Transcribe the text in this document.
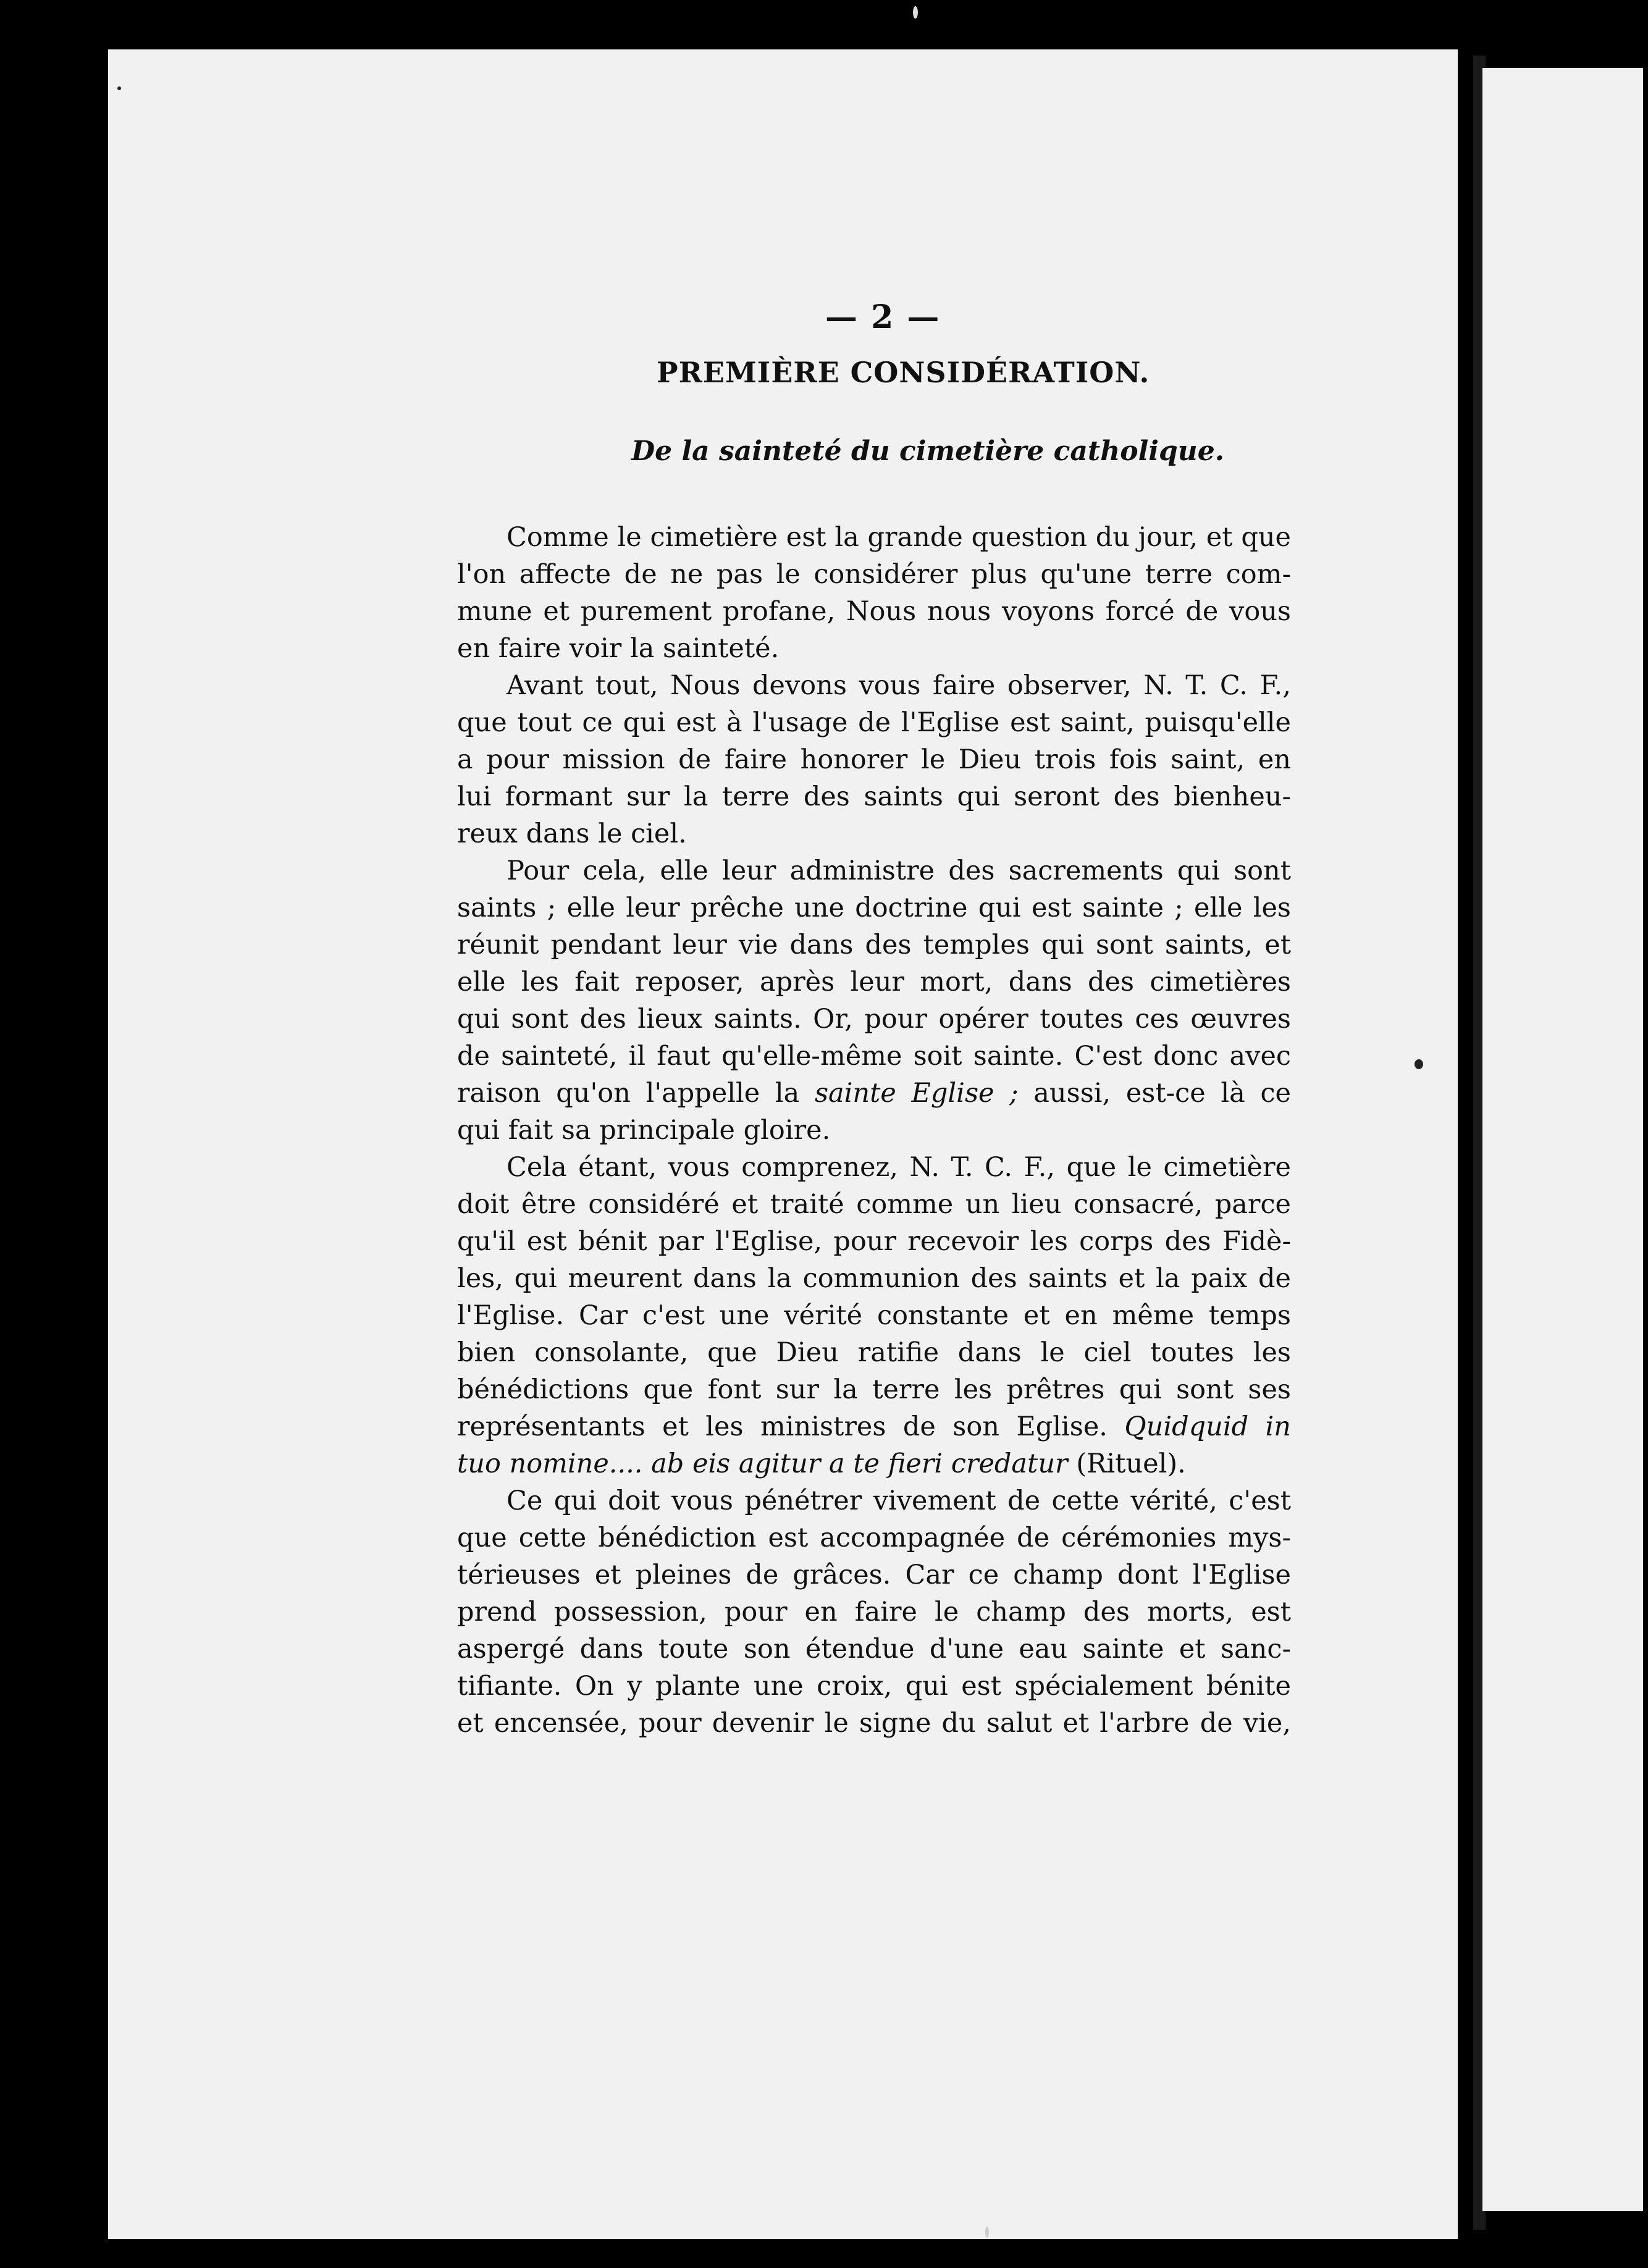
— 2 —
PREMIÈRE CONSIDÉRATION.
De la sainteté du cimetière catholique.
Comme le cimetière est la grande question du jour, et que
l'on affecte de ne pas le considérer plus qu'une terre com-
mune et purement profane, Nous nous voyons forcé de vous
en faire voir la sainteté.
Avant tout, Nous devons vous faire observer, N. T. C. F.,
que tout ce qui est à l'usage de l'Eglise est saint, puisqu'elle
a pour mission de faire honorer le Dieu trois fois saint, en
lui formant sur la terre des saints qui seront des bienheu-
reux dans le ciel.
Pour cela, elle leur administre des sacrements qui sont
saints ; elle leur prêche une doctrine qui est sainte ; elle les
réunit pendant leur vie dans des temples qui sont saints, et
elle les fait reposer, après leur mort, dans des cimetières
qui sont des lieux saints. Or, pour opérer toutes ces œuvres
de sainteté, il faut qu'elle-même soit sainte. C'est donc avec
raison qu'on l'appelle la sainte Eglise ; aussi, est-ce là ce
qui fait sa principale gloire.
Cela étant, vous comprenez, N. T. C. F., que le cimetière
doit être considéré et traité comme un lieu consacré, parce
qu'il est bénit par l'Eglise, pour recevoir les corps des Fidè-
les, qui meurent dans la communion des saints et la paix de
l'Eglise. Car c'est une vérité constante et en même temps
bien consolante, que Dieu ratifie dans le ciel toutes les
bénédictions que font sur la terre les prêtres qui sont ses
représentants et les ministres de son Eglise. Quidquid in
tuo nomine.... ab eis agitur a te fieri credatur (Rituel).
Ce qui doit vous pénétrer vivement de cette vérité, c'est
que cette bénédiction est accompagnée de cérémonies mys-
térieuses et pleines de grâces. Car ce champ dont l'Eglise
prend possession, pour en faire le champ des morts, est
aspergé dans toute son étendue d'une eau sainte et sanc-
tifiante. On y plante une croix, qui est spécialement bénite
et encensée, pour devenir le signe du salut et l'arbre de vie,
